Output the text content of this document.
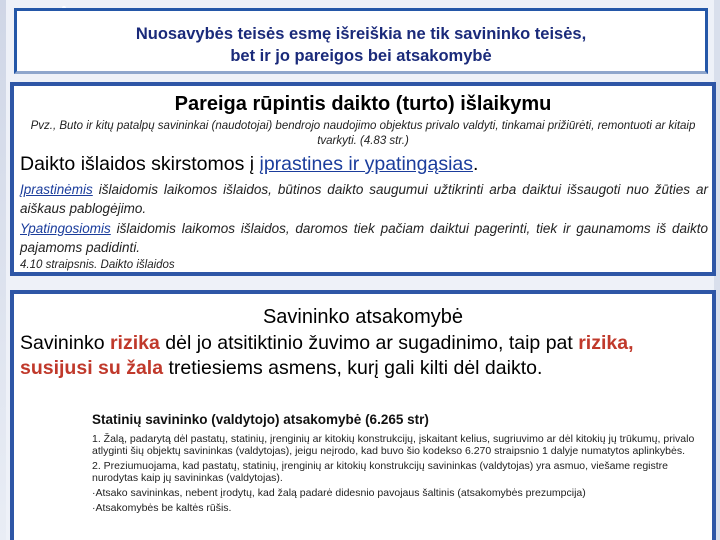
Nuosavybės teisės esmę išreiškia ne tik savininko teisės,
bet ir jo pareigos bei atsakomybė
Pareiga rūpintis daikto (turto) išlaikymu
Pvz., Buto ir kitų patalpų savininkai (naudotojai) bendrojo naudojimo objektus privalo valdyti, tinkamai prižiūrėti, remontuoti ar kitaip tvarkyti. (4.83 str.)
Daikto išlaidos skirstomos į įprastines ir ypatingąsias.
Įprastinėmis išlaidomis laikomos išlaidos, būtinos daikto saugumui užtikrinti arba daiktui išsaugoti nuo žūties ar aiškaus pablogėjimo.
Ypatingosiomis išlaidomis laikomos išlaidos, daromos tiek pačiam daiktui pagerinti, tiek ir gaunamoms iš daikto pajamoms padidinti.
4.10 straipsnis. Daikto išlaidos
Savininko atsakomybė
Savininko rizika dėl jo atsitiktinio žuvimo ar sugadinimo, taip pat rizika, susijusi su žala tretiesiems asmens, kurį gali kilti dėl daikto.
Statinių savininko (valdytojo) atsakomybė (6.265 str)
1. Žalą, padarytą dėl pastatų, statinių, įrenginių ar kitokių konstrukcijų, įskaitant kelius, sugriuvimo ar dėl kitokių jų trūkumų, privalo atlyginti šių objektų savininkas (valdytojas), jeigu neįrodo, kad buvo šio kodekso 6.270 straipsnio 1 dalyje numatytos aplinkybės.
2. Preziumuojama, kad pastatų, statinių, įrenginių ar kitokių konstrukcijų savininkas (valdytojas) yra asmuo, viešame registre nurodytas kaip jų savininkas (valdytojas).
·Atsako savininkas, nebent įrodytų, kad žalą padarė didesnio pavojaus šaltinis (atsakomybės prezumpcija)
·Atsakomybės be kaltės rūšis.
